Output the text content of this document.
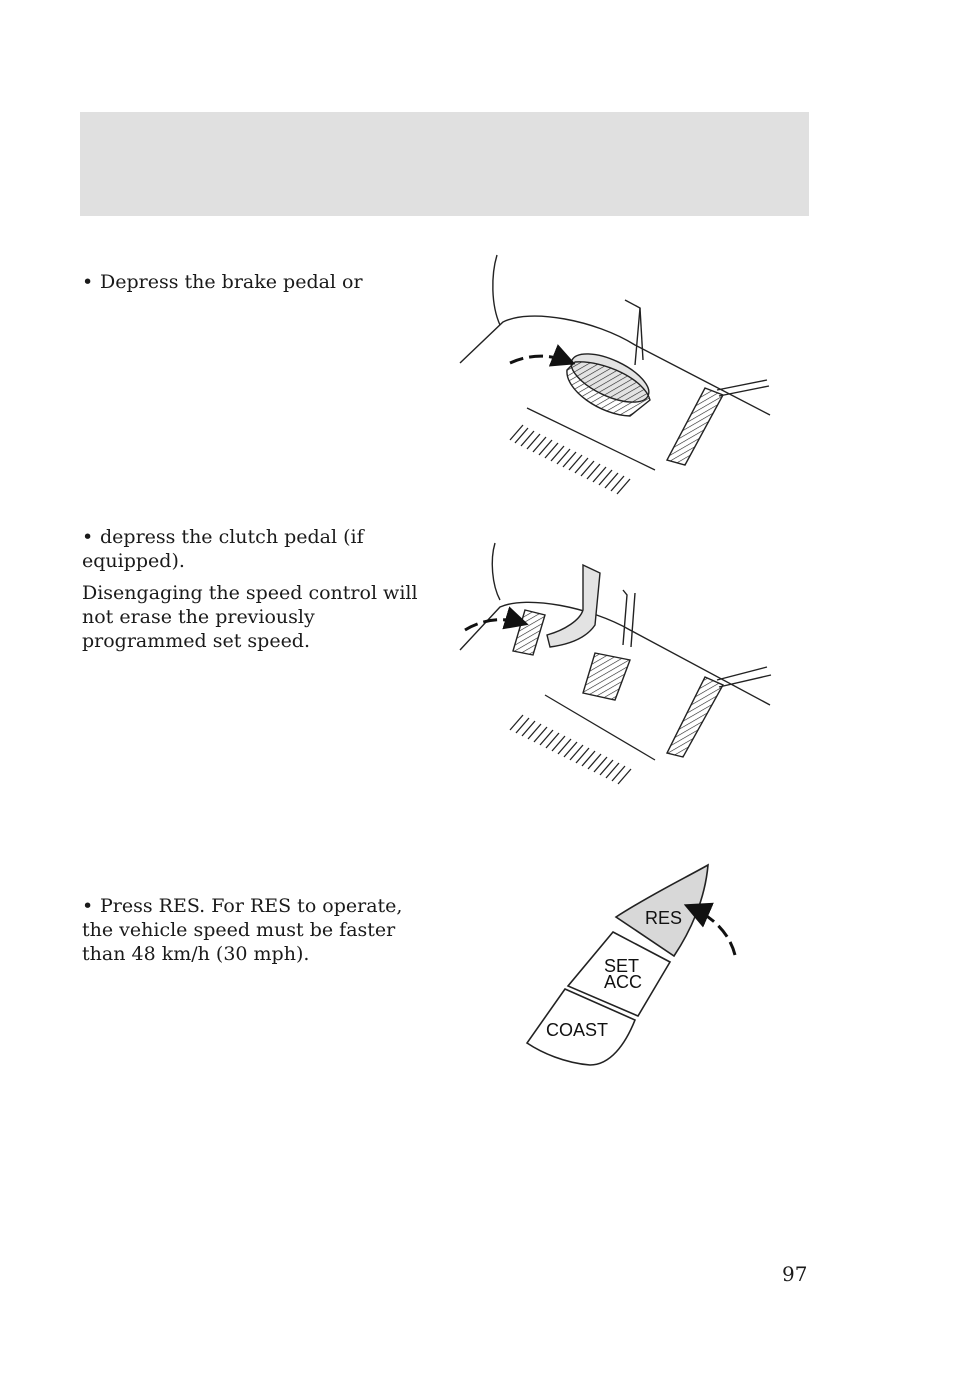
• Depress the brake pedal or

• depress the clutch pedal (if equipped).

Disengaging the speed control will not erase the previously programmed set speed.

• Press RES. For RES to operate, the vehicle speed must be faster than 48 km/h (30 mph).

RES
SET
ACC
COAST
97
